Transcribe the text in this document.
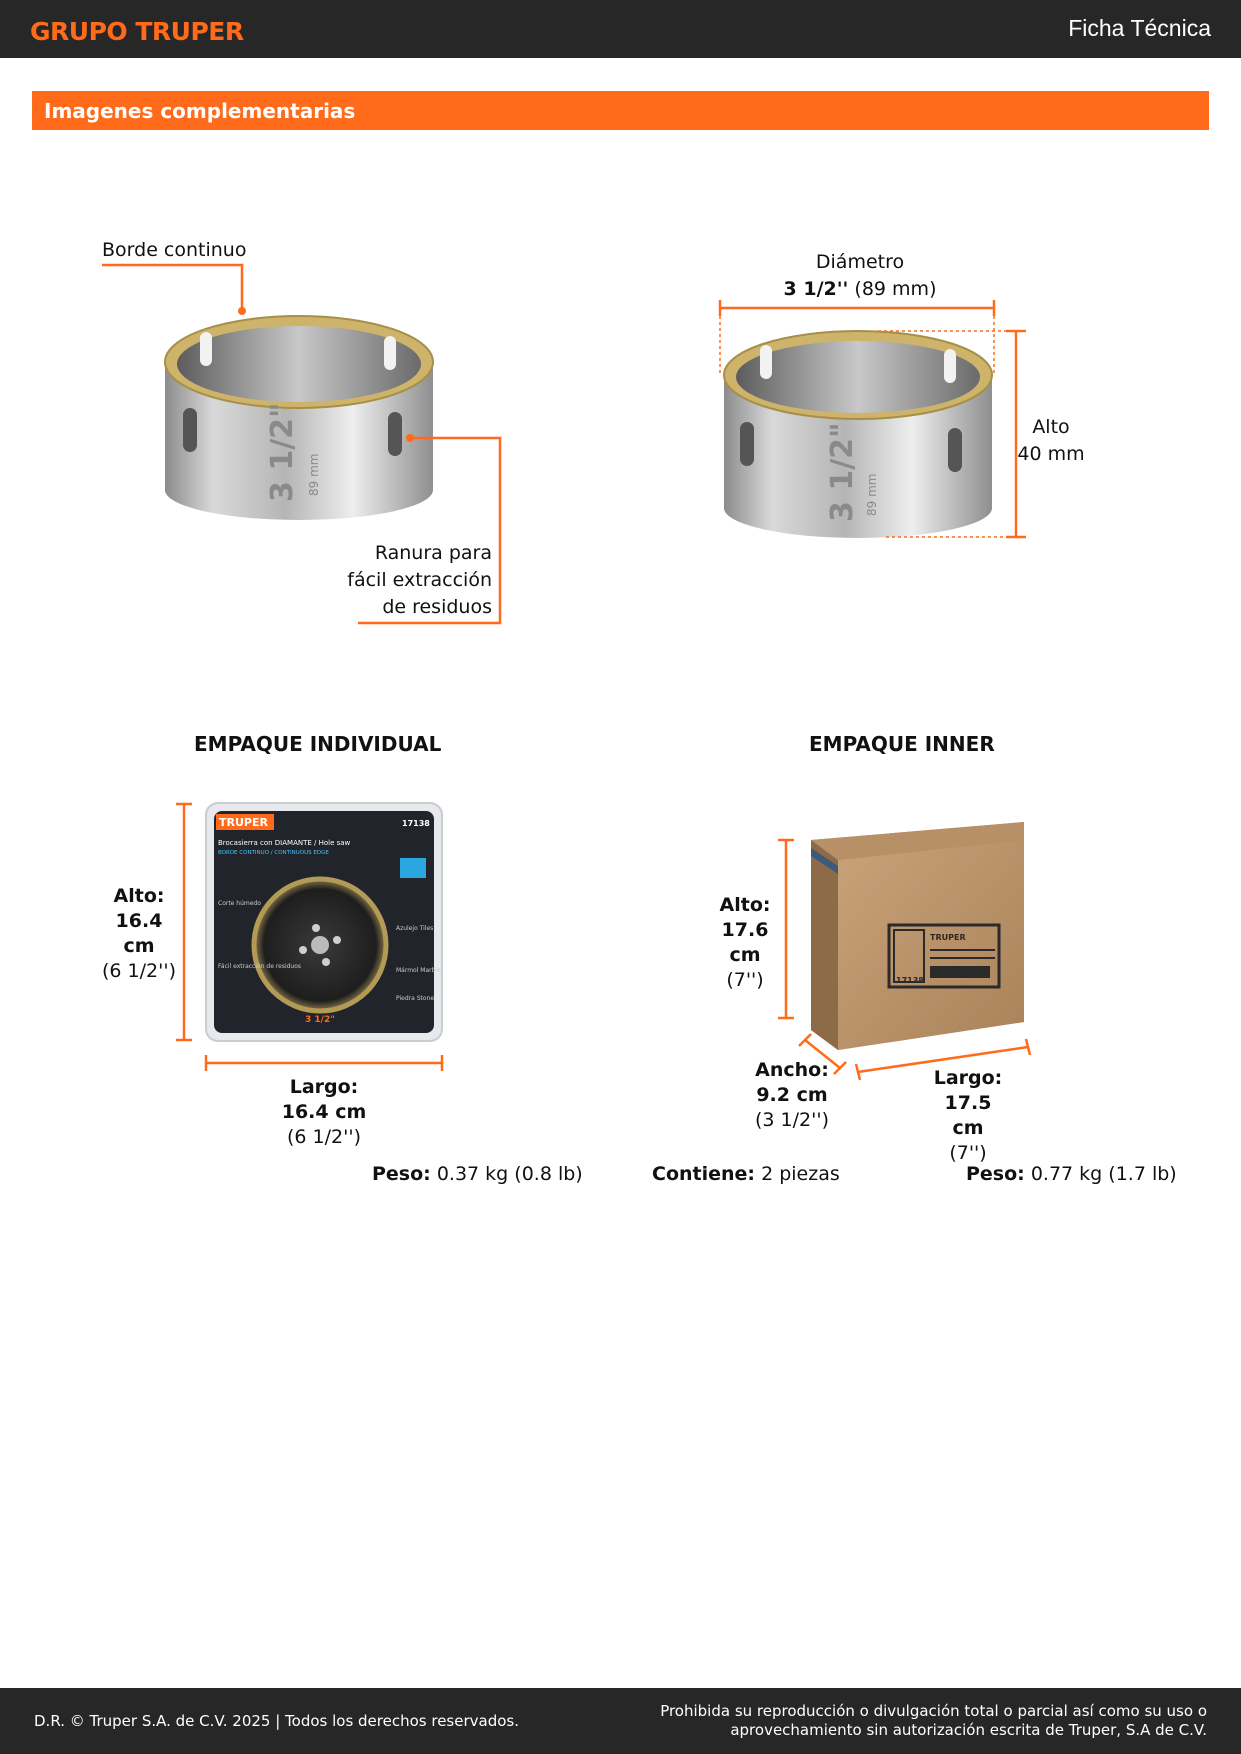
GRUPO TRUPER	Ficha Técnica
Imagenes complementarias
3 1/2" 89 mm	3 1/2" 89 mm
TRUPER	17138
Brocasierra con DIAMANTE / Hole saw
BORDE CONTINUO / CONTINUOUS EDGE
Corte húmedo
Fácil extracción de residuos
Azulejo Tiles
Mármol Marble
Piedra Stone
3 1/2"
TRUPER
17138
Borde continuo
Ranura para
fácil extracción
de residuos
Diámetro
3 1/2'' (89 mm)
Alto
40 mm
EMPAQUE INDIVIDUAL
Alto:
16.4 cm
(6 1/2'')
Largo:
16.4 cm
(6 1/2'')
Peso: 0.37 kg (0.8 lb)
EMPAQUE INNER
Alto:
17.6 cm
(7'')
Ancho:
9.2 cm
(3 1/2'')
Largo:
17.5 cm
(7'')
Contiene: 2 piezas	Peso: 0.77 kg (1.7 lb)
D.R. © Truper S.A. de C.V. 2025 | Todos los derechos reservados.
Prohibida su reproducción o divulgación total o parcial así como su uso o
aprovechamiento sin autorización escrita de Truper, S.A de C.V.
